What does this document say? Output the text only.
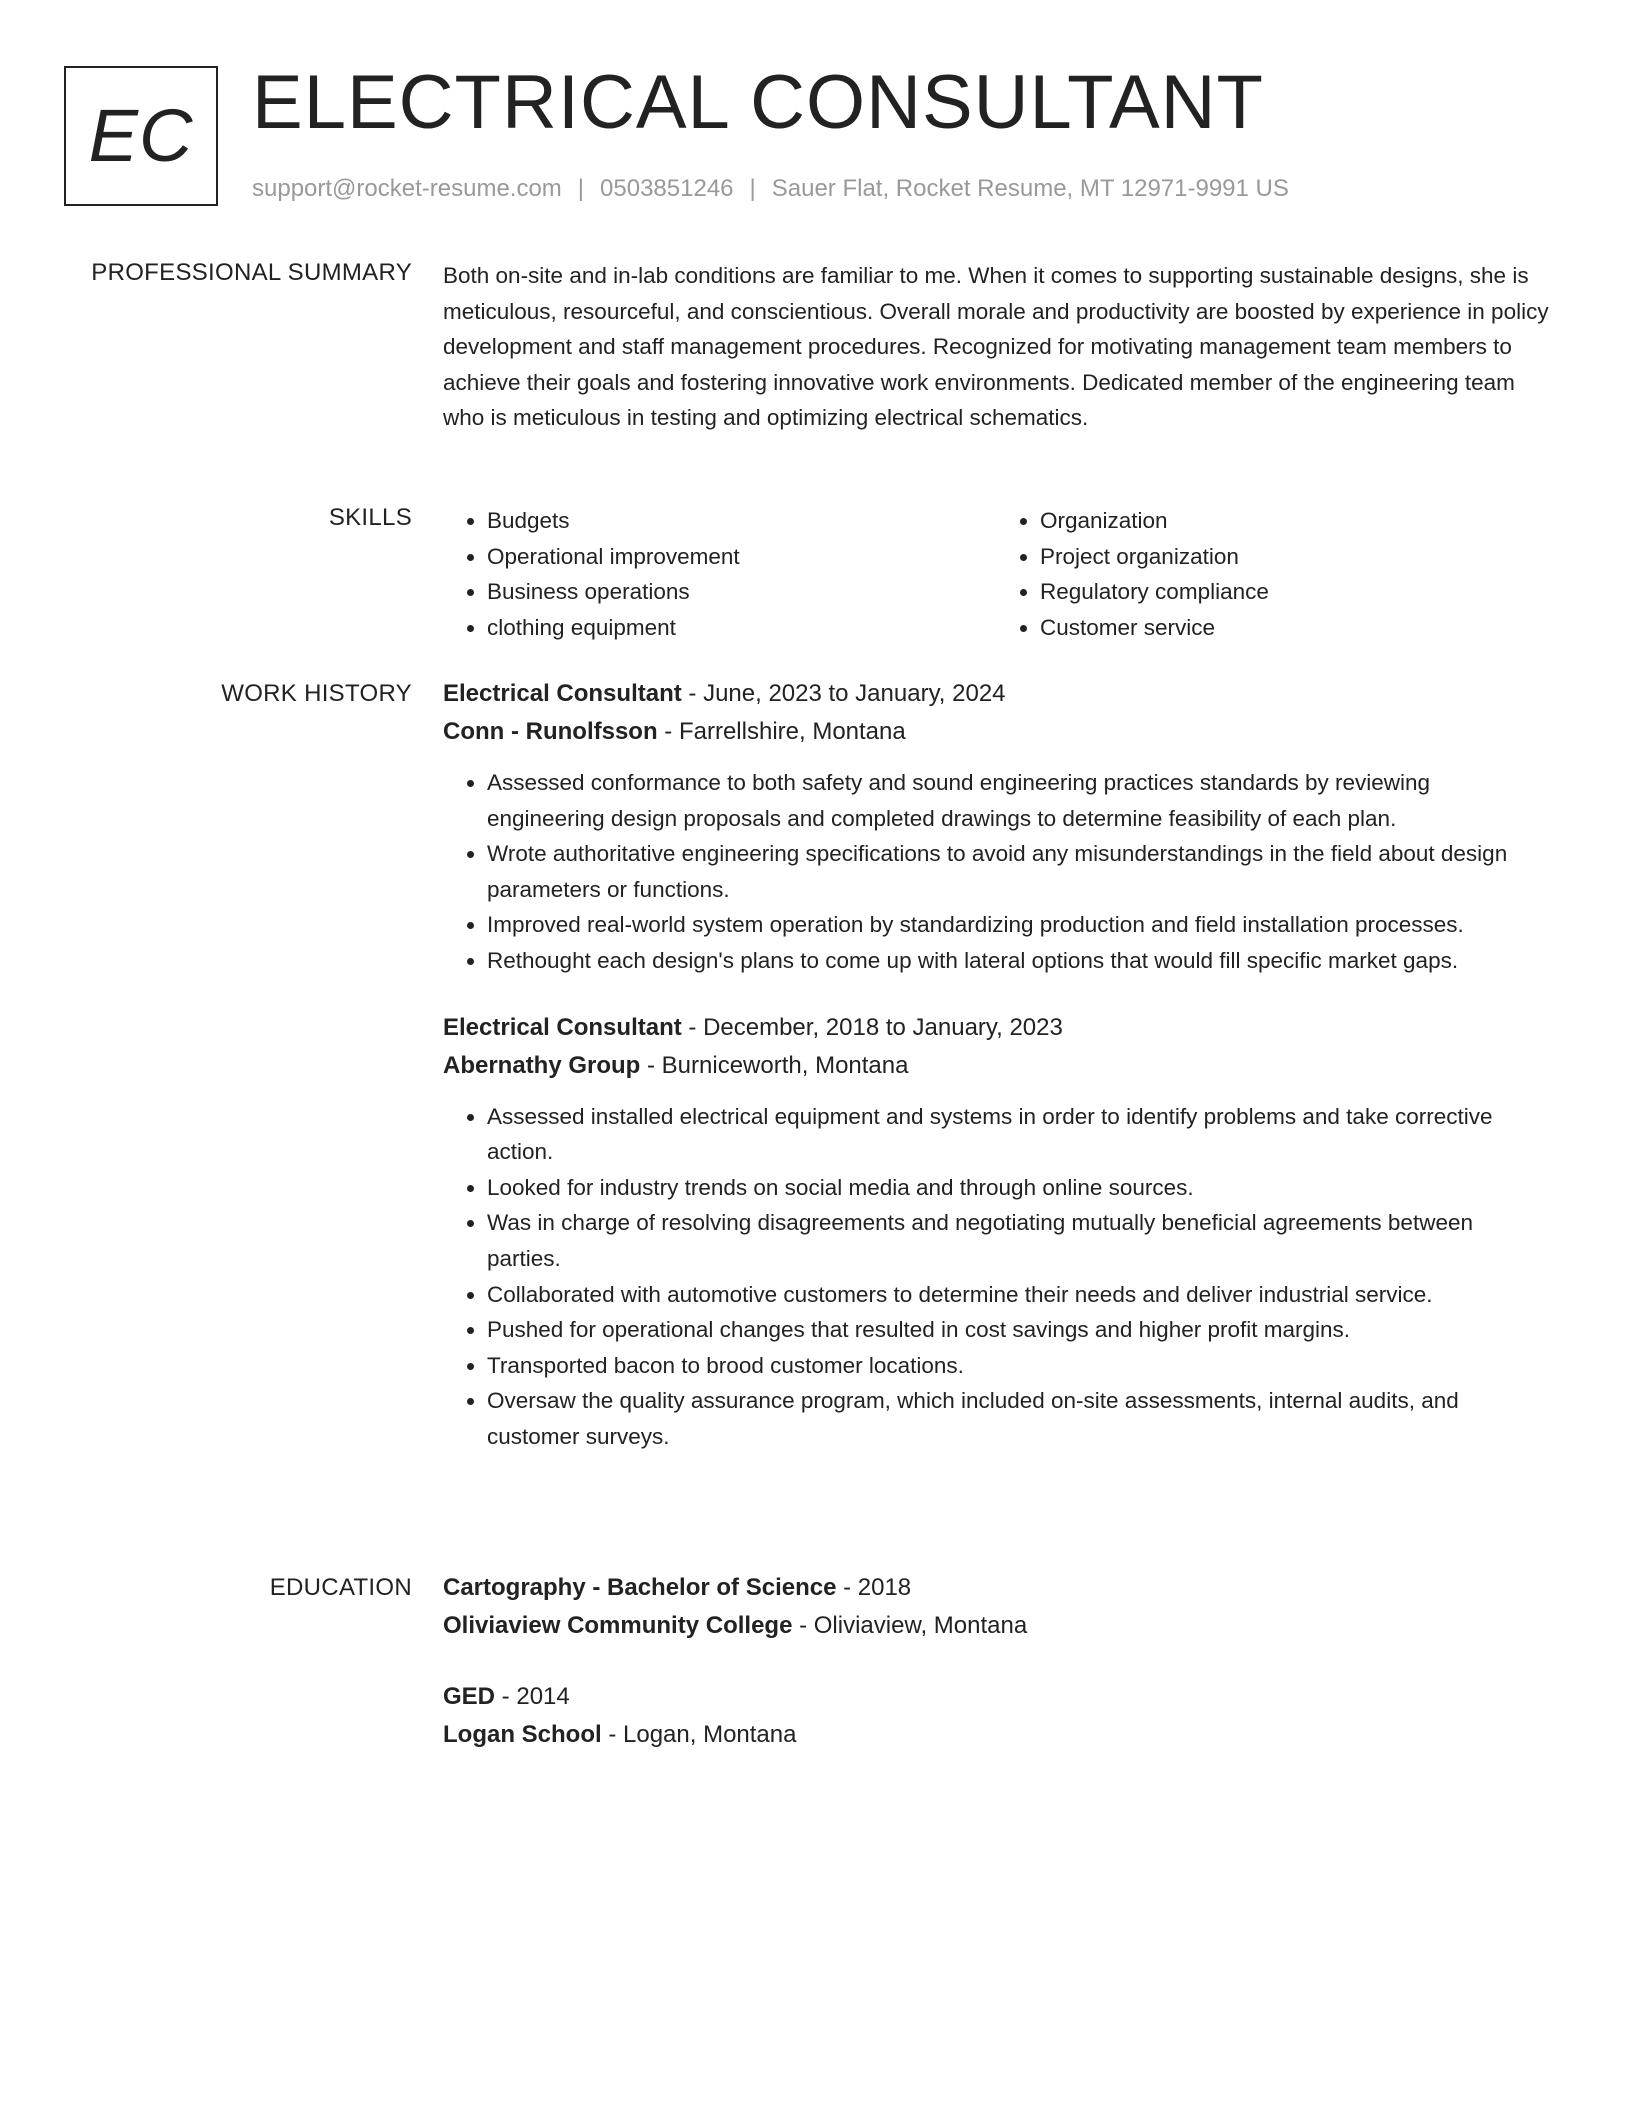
EC ELECTRICAL CONSULTANT
support@rocket-resume.com | 0503851246 | Sauer Flat, Rocket Resume, MT 12971-9991 US
PROFESSIONAL SUMMARY Both on-site and in-lab conditions are familiar to me. When it comes to supporting sustainable designs, she is meticulous, resourceful, and conscientious. Overall morale and productivity are boosted by experience in policy development and staff management procedures. Recognized for motivating management team members to achieve their goals and fostering innovative work environments. Dedicated member of the engineering team who is meticulous in testing and optimizing electrical schematics.

SKILLS
•	Budgets
• Operational improvement
• Business operations
• clothing equipment
• Organization
• Project organization
• Regulatory compliance
• Customer service
WORK HISTORY Electrical Consultant - June, 2023 to January, 2024
Conn - Runolfsson - Farrellshire, Montana
• Assessed conformance to both safety and sound engineering practices standards by reviewing engineering design proposals and completed drawings to determine feasibility of each plan.
• Wrote authoritative engineering specifications to avoid any misunderstandings in the field about design parameters or functions.
• Improved real-world system operation by standardizing production and field installation processes.
• Rethought each design's plans to come up with lateral options that would fill specific market gaps.
Electrical Consultant - December, 2018 to January, 2023
Abernathy Group - Burniceworth, Montana
• Assessed installed electrical equipment and systems in order to identify problems and take corrective action.
• Looked for industry trends on social media and through online sources.
• Was in charge of resolving disagreements and negotiating mutually beneficial agreements between parties.
• Collaborated with automotive customers to determine their needs and deliver industrial service.
• Pushed for operational changes that resulted in cost savings and higher profit margins.
• Transported bacon to brood customer locations.
• Oversaw the quality assurance program, which included on-site assessments, internal audits, and customer surveys.
EDUCATION Cartography - Bachelor of Science - 2018
Oliviaview Community College - Oliviaview, Montana
GED - 2014
Logan School - Logan, Montana
